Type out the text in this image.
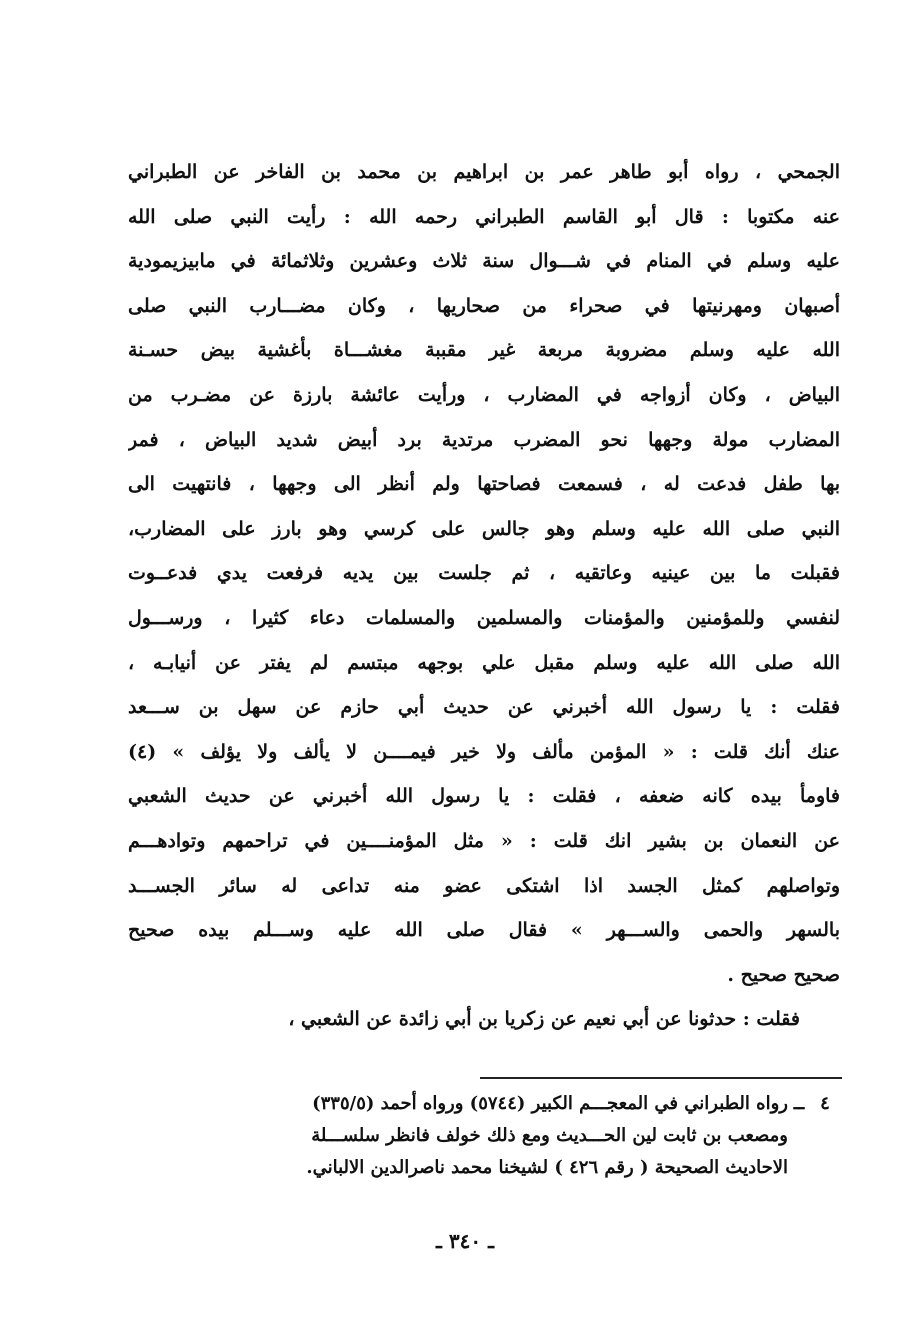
الجمحي ، رواه أبو طاهر عمر بن ابراهيم بن محمد بن الفاخر عن الطبراني
عنه مكتوبا : قال أبو القاسم الطبراني رحمه الله : رأيت النبي صلى الله
عليه وسلم في المنام في شـــوال سنة ثلاث وعشرين وثلاثمائة في مابيزيمودية
أصبهان ومهرنيتها في صحراء من صحاريها ، وكان مضـــارب النبي صلى
الله عليه وسلم مضروبة مربعة غير مقببة مغشـــاة بأغشية بيض حسـنة
البياض ، وكان أزواجه في المضارب ، ورأيت عائشة بارزة عن مضـرب من
المضارب مولة وجهها نحو المضرب مرتدية برد أبيض شديد البياض ، فمر
بها طفل فدعت له ، فسمعت فصاحتها ولم أنظر الى وجهها ، فانتهيت الى
النبي صلى الله عليه وسلم وهو جالس على كرسي وهو بارز على المضارب،
فقبلت ما بين عينيه وعاتقيه ، ثم جلست بين يديه فرفعت يدي فدعــوت
لنفسي وللمؤمنين والمؤمنات والمسلمين والمسلمات دعاء كثيرا ، ورســـول
الله صلى الله عليه وسلم مقبل علي بوجهه مبتسم لم يفتر عن أنيابـه ،
فقلت : يا رسول الله أخبرني عن حديث أبي حازم عن سهل بن ســـعد
عنك أنك قلت : « المؤمن مألف ولا خير فيمــــن لا يألف ولا يؤلف » (٤)
فاومأ بيده كانه ضعفه ، فقلت : يا رسول الله أخبرني عن حديث الشعبي
عن النعمان بن بشير انك قلت : « مثل المؤمنــــين في تراحمهم وتوادهـــم
وتواصلهم كمثل الجسد اذا اشتكى عضو منه تداعى له سائر الجســـد
بالسهر والحمى والســـهر » فقال صلى الله عليه وســـلم بيده صحيح
صحيح صحيح .
فقلت : حدثونا عن أبي نعيم عن زكريا بن أبي زائدة عن الشعبي ،
٤ــرواه الطبراني في المعجـــم الكبير (٥٧٤٤) ورواه أحمد (٣٣٥/٥)
ومصعب بن ثابت لين الحـــديث ومع ذلك خولف فانظر سلســـلة
الاحاديث الصحيحة ( رقم ٤٢٦ ) لشيخنا محمد ناصرالدين الالباني.
ـ ٣٤٠ ـ
